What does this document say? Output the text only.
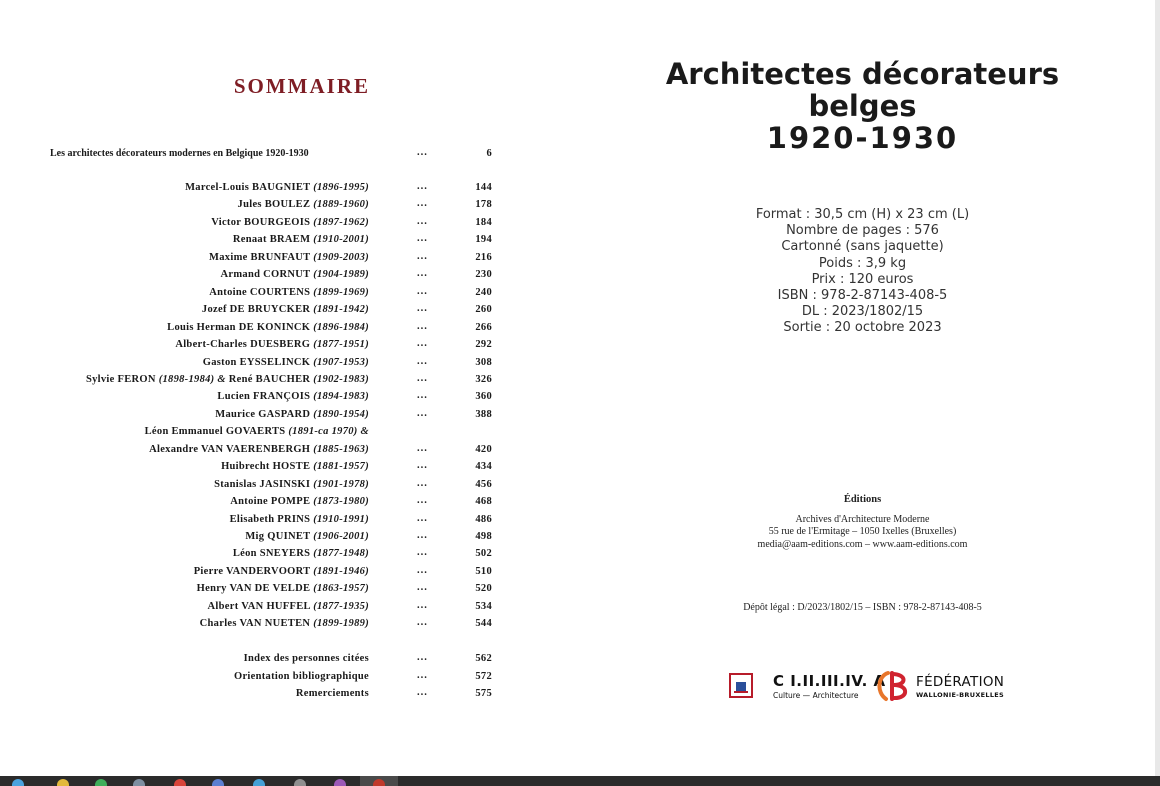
SOMMAIRE
Les architectes décorateurs modernes en Belgique 1920-1930	...	6
Marcel-Louis BAUGNIET (1896-1995)	...	144
Jules BOULEZ (1889-1960)	...	178
Victor BOURGEOIS (1897-1962)	...	184
Renaat BRAEM (1910-2001)	...	194
Maxime BRUNFAUT (1909-2003)	...	216
Armand CORNUT (1904-1989)	...	230
Antoine COURTENS (1899-1969)	...	240
Jozef DE BRUYCKER (1891-1942)	...	260
Louis Herman DE KONINCK (1896-1984)	...	266
Albert-Charles DUESBERG (1877-1951)	...	292
Gaston EYSSELINCK (1907-1953)	...	308
Sylvie FERON (1898-1984) & René BAUCHER (1902-1983)	...	326
Lucien FRANÇOIS (1894-1983)	...	360
Maurice GASPARD (1890-1954)	...	388
Léon Emmanuel GOVAERTS (1891-ca 1970) &
Alexandre VAN VAERENBERGH (1885-1963)	...	420
Huibrecht HOSTE (1881-1957)	...	434
Stanislas JASINSKI (1901-1978)	...	456
Antoine POMPE (1873-1980)	...	468
Elisabeth PRINS (1910-1991)	...	486
Mig QUINET (1906-2001)	...	498
Léon SNEYERS (1877-1948)	...	502
Pierre VANDERVOORT (1891-1946)	...	510
Henry VAN DE VELDE (1863-1957)	...	520
Albert VAN HUFFEL (1877-1935)	...	534
Charles VAN NUETEN (1899-1989)	...	544
Index des personnes citées	...	562
Orientation bibliographique	...	572
Remerciements	...	575
Architectes décorateurs
belges
1920-1930
Format : 30,5 cm (H) x 23 cm (L)
Nombre de pages : 576
Cartonné (sans jaquette)
Poids : 3,9 kg
Prix : 120 euros
ISBN : 978-2-87143-408-5
DL : 2023/1802/15
Sortie : 20 octobre 2023
Éditions
Archives d'Architecture Moderne
55 rue de l'Ermitage – 1050 Ixelles (Bruxelles)
media@aam-editions.com – www.aam-editions.com
Dépôt légal : D/2023/1802/15 – ISBN : 978-2-87143-408-5
C I.II.III.IV. A
Culture — Architecture
FÉDÉRATION
WALLONIE-BRUXELLES
